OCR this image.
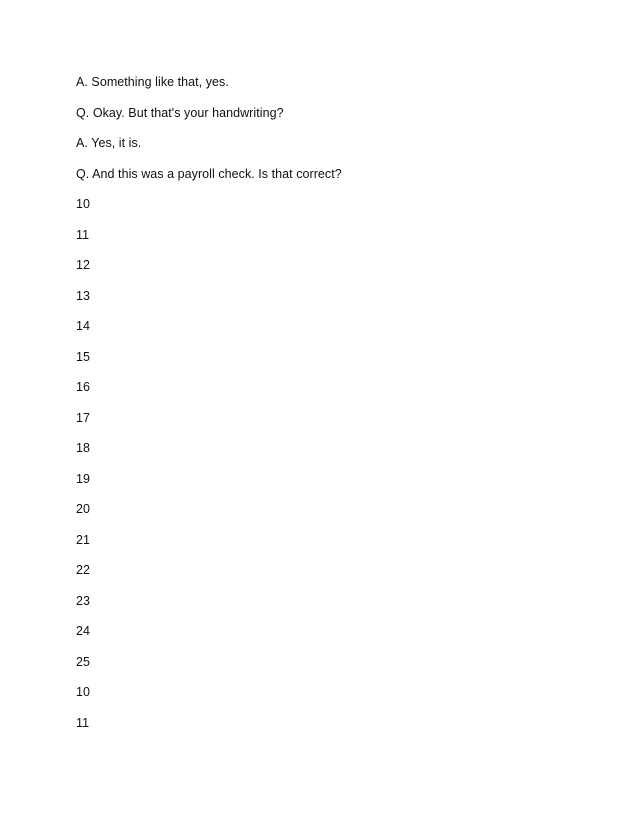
A. Something like that, yes.
Q. Okay. But that's your handwriting?
A. Yes, it is.
Q. And this was a payroll check. Is that correct?
10
11
12
13
14
15
16
17
18
19
20
21
22
23
24
25
10
11
